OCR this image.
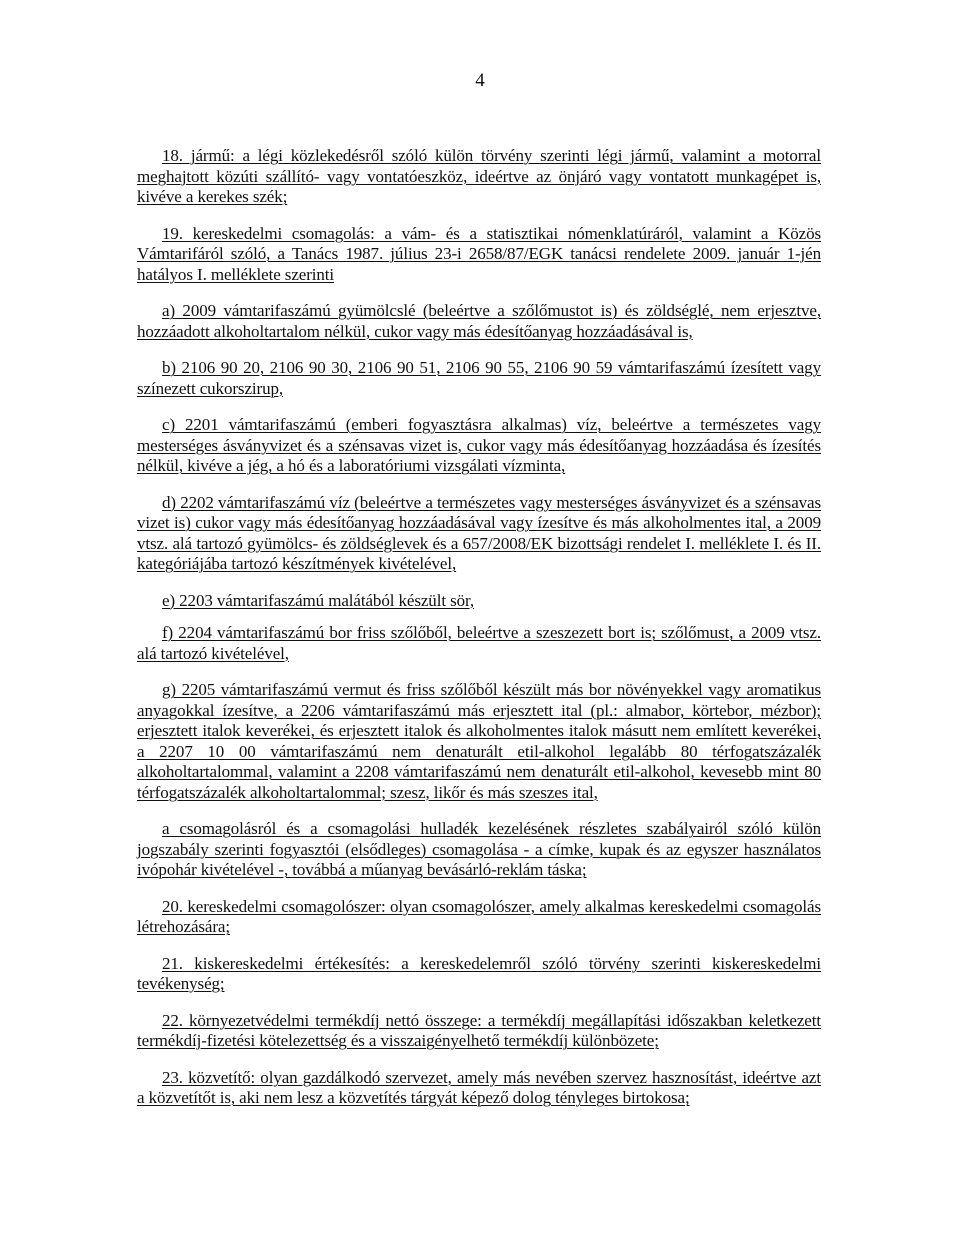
4

18. jármű: a légi közlekedésről szóló külön törvény szerinti légi jármű, valamint a motorral meghajtott közúti szállító- vagy vontatóeszköz, ideértve az önjáró vagy vontatott munkagépet is, kivéve a kerekes szék;

19. kereskedelmi csomagolás: a vám- és a statisztikai nómenklatúráról, valamint a Közös Vámtarifáról szóló, a Tanács 1987. július 23-i 2658/87/EGK tanácsi rendelete 2009. január 1-jén hatályos I. melléklete szerinti

a) 2009 vámtarifaszámú gyümölcslé (beleértve a szőlőmustot is) és zöldséglé, nem erjesztve, hozzáadott alkoholtartalom nélkül, cukor vagy más édesítőanyag hozzáadásával is,

b) 2106 90 20, 2106 90 30, 2106 90 51, 2106 90 55, 2106 90 59 vámtarifaszámú ízesített vagy színezett cukorszirup,

c) 2201 vámtarifaszámú (emberi fogyasztásra alkalmas) víz, beleértve a természetes vagy mesterséges ásványvizet és a szénsavas vizet is, cukor vagy más édesítőanyag hozzáadása és ízesítés nélkül, kivéve a jég, a hó és a laboratóriumi vizsgálati vízminta,

d) 2202 vámtarifaszámú víz (beleértve a természetes vagy mesterséges ásványvizet és a szénsavas vizet is) cukor vagy más édesítőanyag hozzáadásával vagy ízesítve és más alkoholmentes ital, a 2009 vtsz. alá tartozó gyümölcs- és zöldséglevek és a 657/2008/EK bizottsági rendelet I. melléklete I. és II. kategóriájába tartozó készítmények kivételével,

e) 2203 vámtarifaszámú malátából készült sör,

f) 2204 vámtarifaszámú bor friss szőlőből, beleértve a szeszezett bort is; szőlőmust, a 2009 vtsz. alá tartozó kivételével,

g) 2205 vámtarifaszámú vermut és friss szőlőből készült más bor növényekkel vagy aromatikus anyagokkal ízesítve, a 2206 vámtarifaszámú más erjesztett ital (pl.: almabor, körtebor, mézbor); erjesztett italok keverékei, és erjesztett italok és alkoholmentes italok másutt nem említett keverékei, a 2207 10 00 vámtarifaszámú nem denaturált etil-alkohol legalább 80 térfogatszázalék alkoholtartalommal, valamint a 2208 vámtarifaszámú nem denaturált etil-alkohol, kevesebb mint 80 térfogatszázalék alkoholtartalommal; szesz, likőr és más szeszes ital,

a csomagolásról és a csomagolási hulladék kezelésének részletes szabályairól szóló külön jogszabály szerinti fogyasztói (elsődleges) csomagolása - a címke, kupak és az egyszer használatos ivópohár kivételével -, továbbá a műanyag bevásárló-reklám táska;

20. kereskedelmi csomagolószer: olyan csomagolószer, amely alkalmas kereskedelmi csomagolás létrehozására;

21. kiskereskedelmi értékesítés: a kereskedelemről szóló törvény szerinti kiskereskedelmi tevékenység;

22. környezetvédelmi termékdíj nettó összege: a termékdíj megállapítási időszakban keletkezett termékdíj-fizetési kötelezettség és a visszaigényelhető termékdíj különbözete;

23. közvetítő: olyan gazdálkodó szervezet, amely más nevében szervez hasznosítást, ideértve azt a közvetítőt is, aki nem lesz a közvetítés tárgyát képező dolog tényleges birtokosa;
